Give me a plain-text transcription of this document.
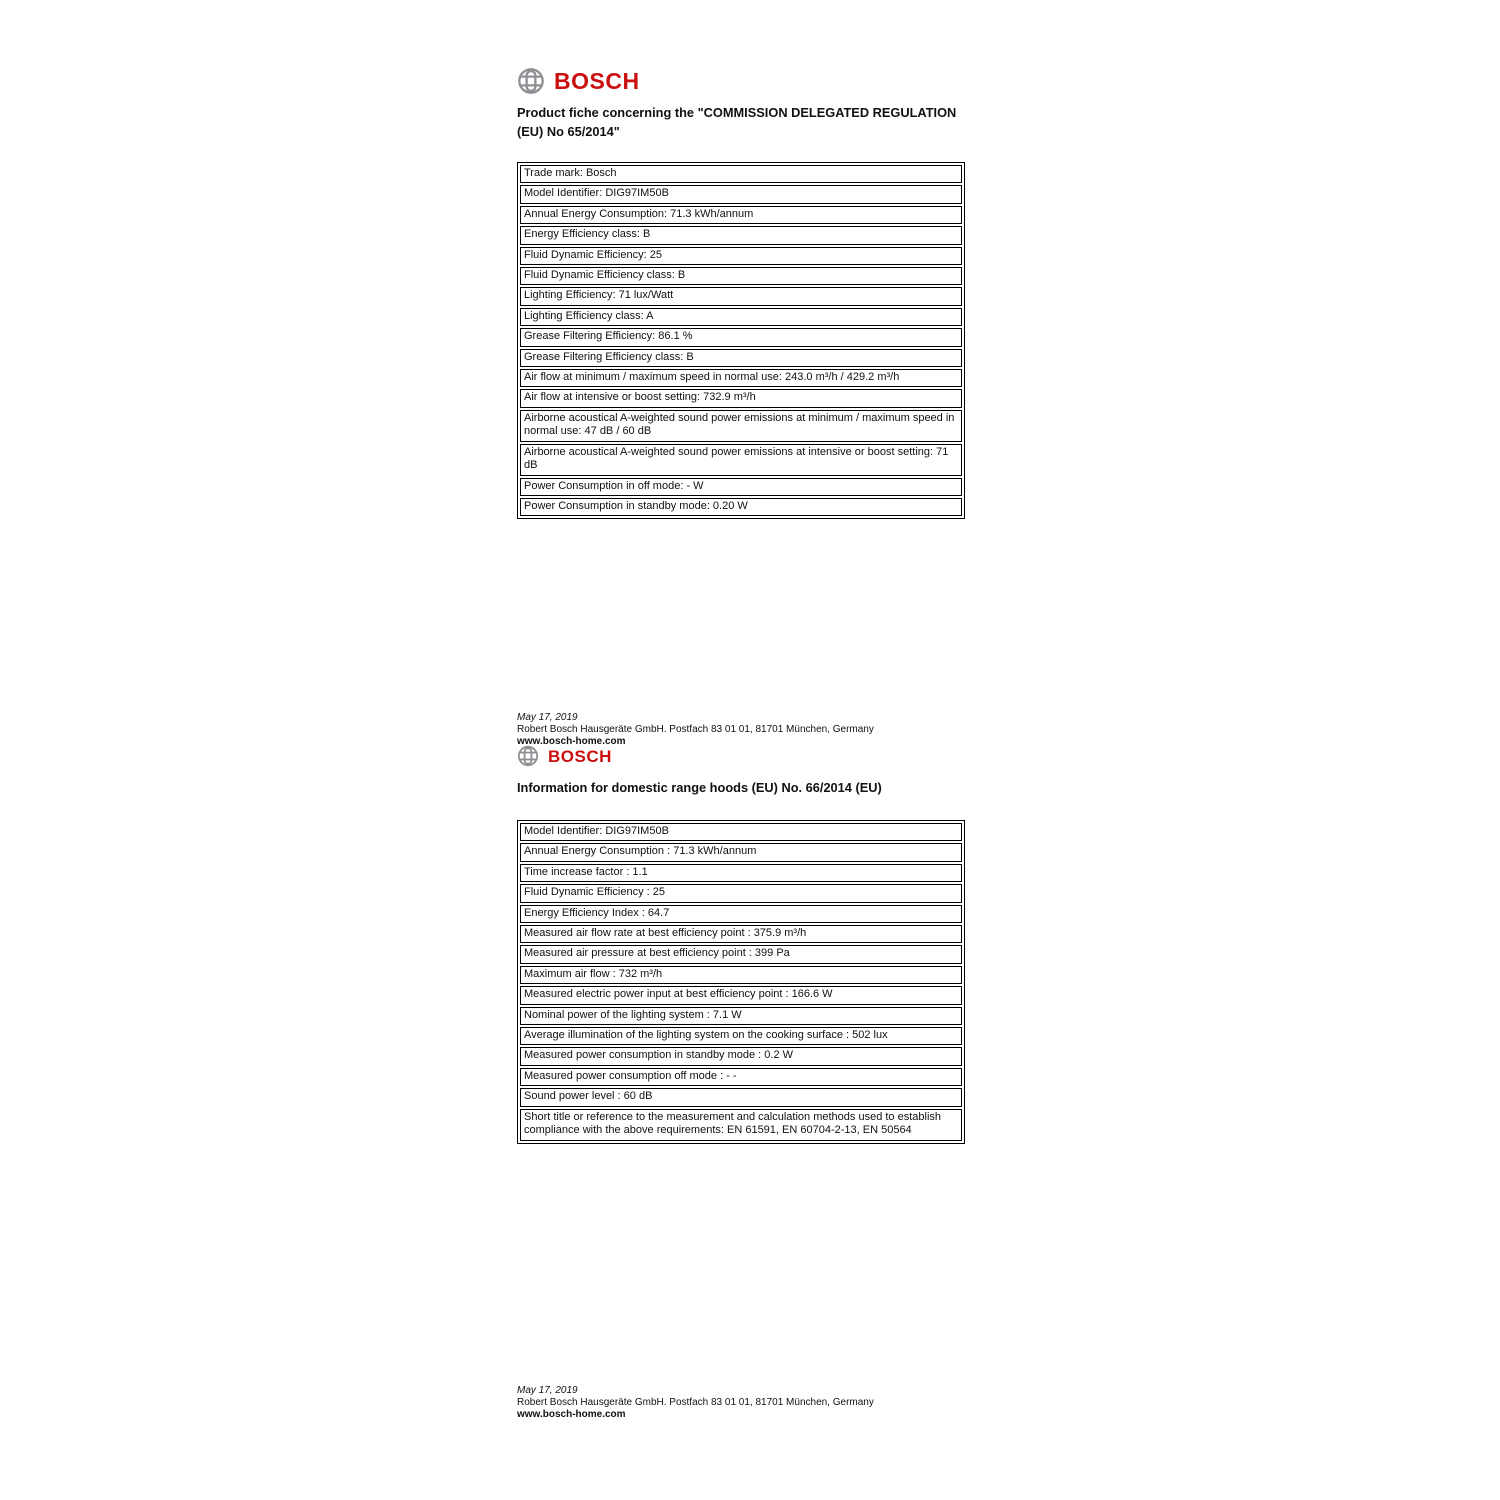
BOSCH
Product fiche concerning the "COMMISSION DELEGATED REGULATION (EU) No 65/2014"
Trade mark: Bosch
Model Identifier: DIG97IM50B
Annual Energy Consumption: 71.3 kWh/annum
Energy Efficiency class: B
Fluid Dynamic Efficiency: 25
Fluid Dynamic Efficiency class: B
Lighting Efficiency: 71 lux/Watt
Lighting Efficiency class: A
Grease Filtering Efficiency: 86.1 %
Grease Filtering Efficiency class: B
Air flow at minimum / maximum speed in normal use: 243.0 m³/h / 429.2 m³/h
Air flow at intensive or boost setting: 732.9 m³/h
Airborne acoustical A-weighted sound power emissions at minimum / maximum speed in normal use: 47 dB / 60 dB
Airborne acoustical A-weighted sound power emissions at intensive or boost setting: 71 dB
Power Consumption in off mode: - W
Power Consumption in standby mode: 0.20 W
May 17, 2019
Robert Bosch Hausgeräte GmbH. Postfach 83 01 01, 81701 München, Germany
www.bosch-home.com
BOSCH
Information for domestic range hoods (EU) No. 66/2014 (EU)
Model Identifier: DIG97IM50B
Annual Energy Consumption : 71.3 kWh/annum
Time increase factor : 1.1
Fluid Dynamic Efficiency : 25
Energy Efficiency Index : 64.7
Measured air flow rate at best efficiency point : 375.9 m³/h
Measured air pressure at best efficiency point : 399 Pa
Maximum air flow : 732 m³/h
Measured electric power input at best efficiency point : 166.6 W
Nominal power of the lighting system : 7.1 W
Average illumination of the lighting system on the cooking surface : 502 lux
Measured power consumption in standby mode : 0.2 W
Measured power consumption off mode : - -
Sound power level : 60 dB
Short title or reference to the measurement and calculation methods used to establish compliance with the above requirements: EN 61591, EN 60704-2-13, EN 50564
May 17, 2019
Robert Bosch Hausgeräte GmbH. Postfach 83 01 01, 81701 München, Germany
www.bosch-home.com
